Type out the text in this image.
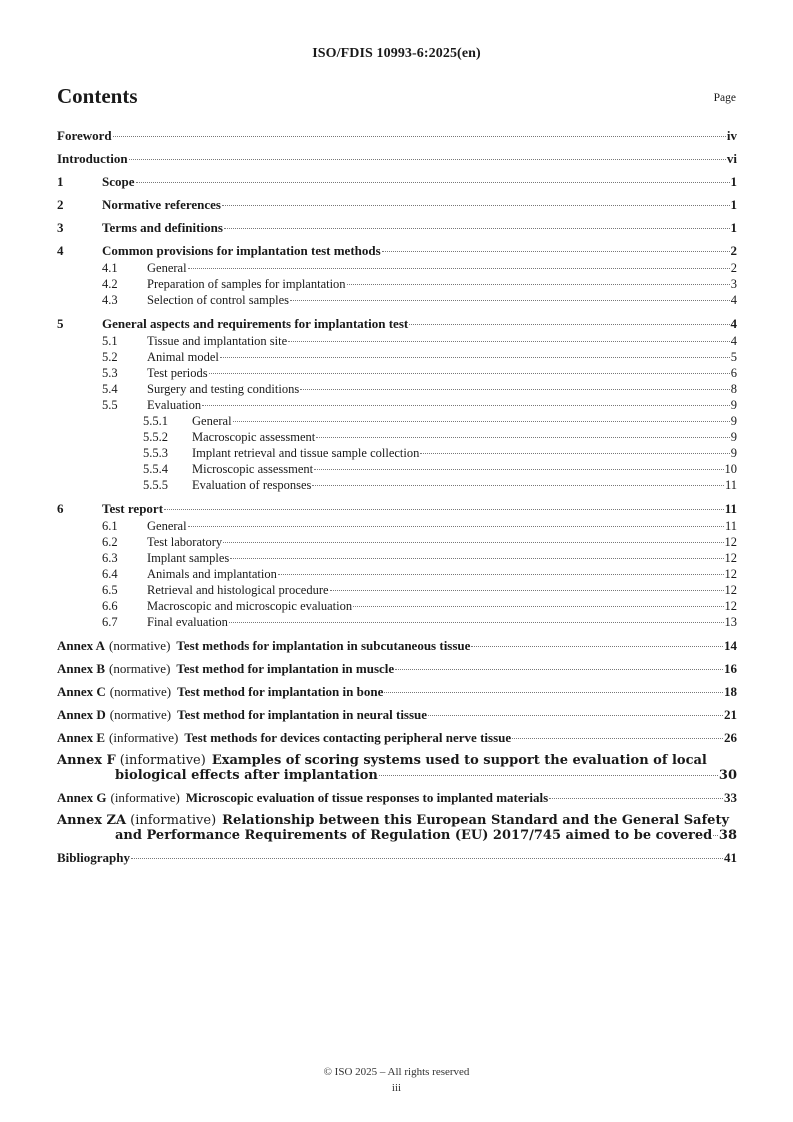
ISO/FDIS 10993-6:2025(en)
Contents	Page
Foreword	iv
Introduction	vi
1	Scope	1
2	Normative references	1
3	Terms and definitions	1
4	Common provisions for implantation test methods	2
4.1	General	2
4.2	Preparation of samples for implantation	3
4.3	Selection of control samples	4
5	General aspects and requirements for implantation test	4
5.1	Tissue and implantation site	4
5.2	Animal model	5
5.3	Test periods	6
5.4	Surgery and testing conditions	8
5.5	Evaluation	9
5.5.1	General	9
5.5.2	Macroscopic assessment	9
5.5.3	Implant retrieval and tissue sample collection	9
5.5.4	Microscopic assessment	10
5.5.5	Evaluation of responses	11
6	Test report	11
6.1	General	11
6.2	Test laboratory	12
6.3	Implant samples	12
6.4	Animals and implantation	12
6.5	Retrieval and histological procedure	12
6.6	Macroscopic and microscopic evaluation	12
6.7	Final evaluation	13
Annex A (normative) Test methods for implantation in subcutaneous tissue	14
Annex B (normative) Test method for implantation in muscle	16
Annex C (normative) Test method for implantation in bone	18
Annex D (normative) Test method for implantation in neural tissue	21
Annex E (informative) Test methods for devices contacting peripheral nerve tissue	26
Annex F (informative) Examples of scoring systems used to support the evaluation of local
biological effects after implantation	30
Annex G (informative) Microscopic evaluation of tissue responses to implanted materials	33
Annex ZA (informative) Relationship between this European Standard and the General Safety
and Performance Requirements of Regulation (EU) 2017/745 aimed to be covered 38
Bibliography	41
© ISO 2025 – All rights reserved
iii
